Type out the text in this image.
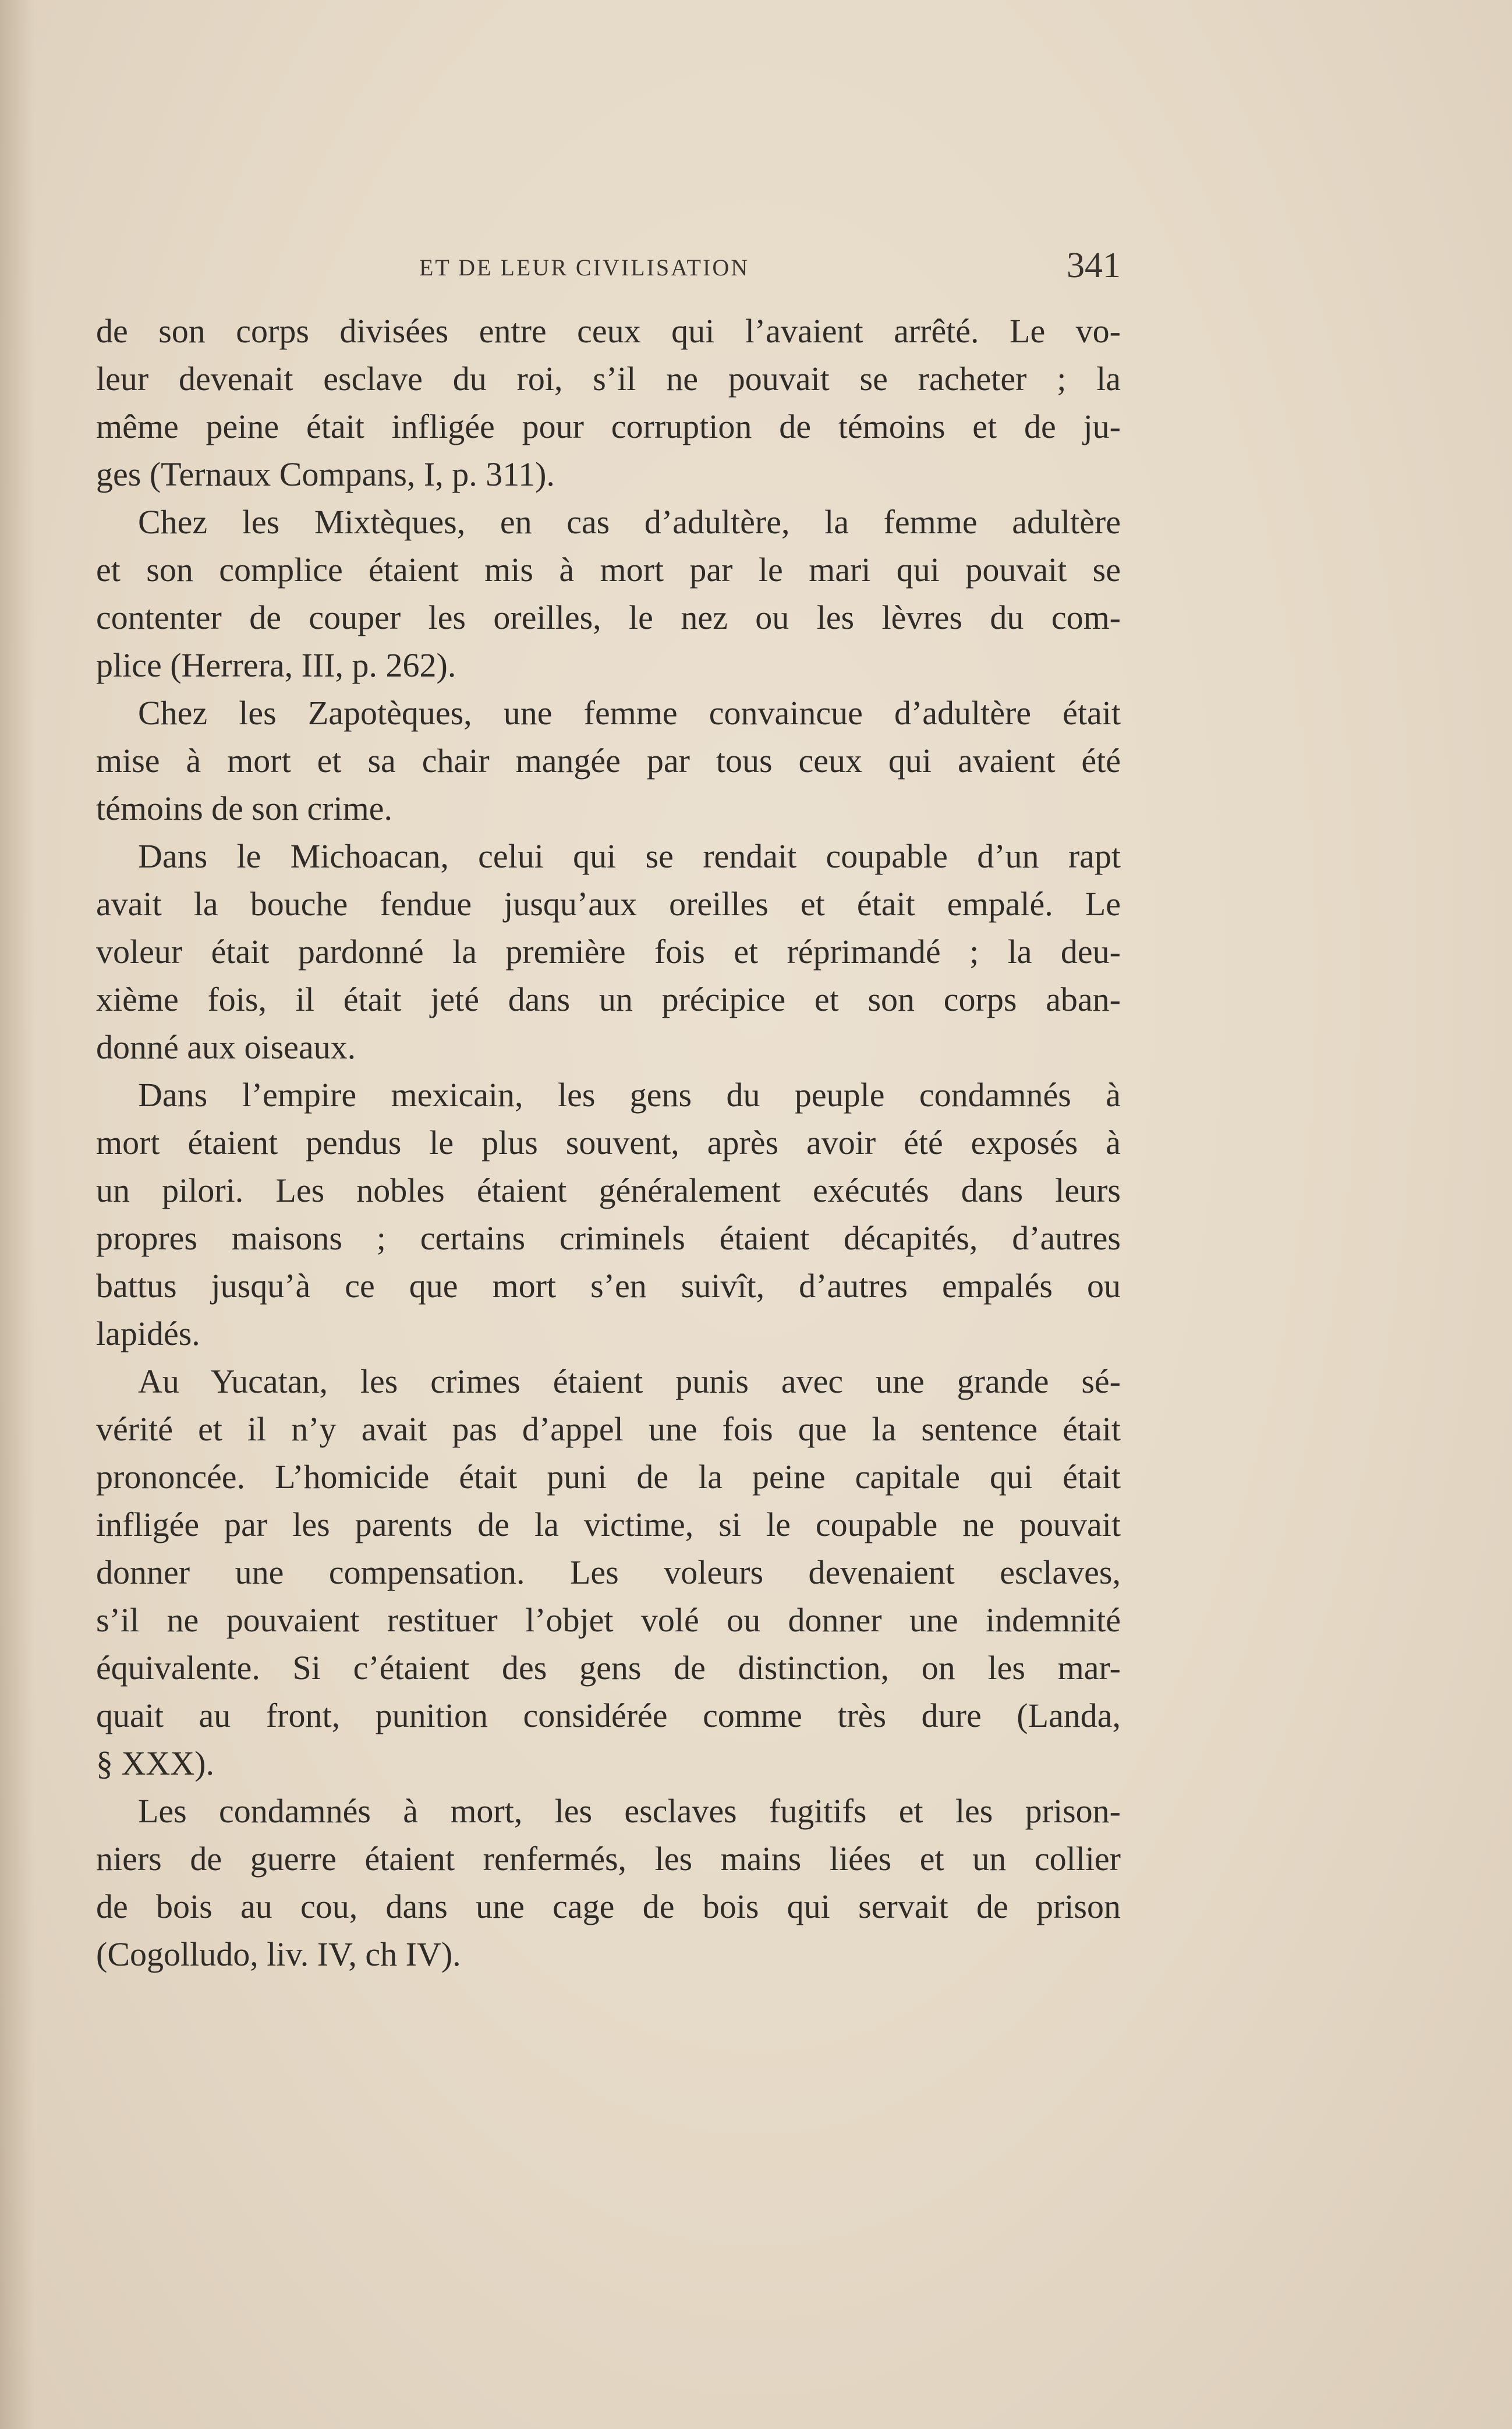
ET DE LEUR CIVILISATION	341
de son corps divisées entre ceux qui l’avaient arrêté. Le vo-
leur devenait esclave du roi, s’il ne pouvait se racheter ; la
même peine était infligée pour corruption de témoins et de ju-
ges (Ternaux Compans, I, p. 311).
Chez les Mixtèques, en cas d’adultère, la femme adultère
et son complice étaient mis à mort par le mari qui pouvait se
contenter de couper les oreilles, le nez ou les lèvres du com-
plice (Herrera, III, p. 262).
Chez les Zapotèques, une femme convaincue d’adultère était
mise à mort et sa chair mangée par tous ceux qui avaient été
témoins de son crime.
Dans le Michoacan, celui qui se rendait coupable d’un rapt
avait la bouche fendue jusqu’aux oreilles et était empalé. Le
voleur était pardonné la première fois et réprimandé ; la deu-
xième fois, il était jeté dans un précipice et son corps aban-
donné aux oiseaux.
Dans l’empire mexicain, les gens du peuple condamnés à
mort étaient pendus le plus souvent, après avoir été exposés à
un pilori. Les nobles étaient généralement exécutés dans leurs
propres maisons ; certains criminels étaient décapités, d’autres
battus jusqu’à ce que mort s’en suivît, d’autres empalés ou
lapidés.
Au Yucatan, les crimes étaient punis avec une grande sé-
vérité et il n’y avait pas d’appel une fois que la sentence était
prononcée. L’homicide était puni de la peine capitale qui était
infligée par les parents de la victime, si le coupable ne pouvait
donner une compensation. Les voleurs devenaient esclaves,
s’il ne pouvaient restituer l’objet volé ou donner une indemnité
équivalente. Si c’étaient des gens de distinction, on les mar-
quait au front, punition considérée comme très dure (Landa,
§ XXX).
Les condamnés à mort, les esclaves fugitifs et les prison-
niers de guerre étaient renfermés, les mains liées et un collier
de bois au cou, dans une cage de bois qui servait de prison
(Cogolludo, liv. IV, ch IV).
